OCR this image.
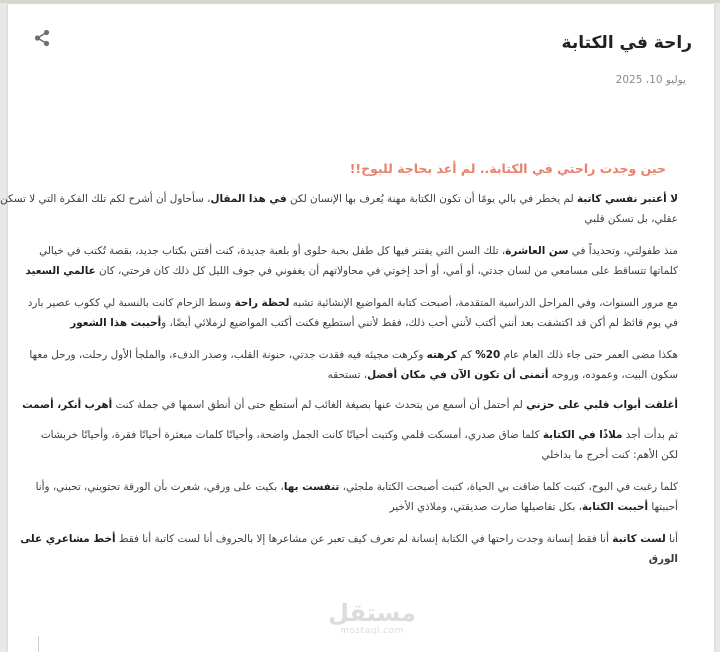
راحة في الكتابة
يوليو 10، 2025
حين وجدت راحتي في الكتابة.. لم أعد بحاجة للبوح!!

لا أعتبر نفسي كاتبة لم يخطر في بالي يومًا أن تكون الكتابة مهنة يُعرف بها الإنسان لكن في هذا المقال، سأحاول أن أشرح لكم تلك الفكرة التي لا تسكن
عقلي، بل تسكن قلبي

منذ طفولتي، وتحديداً في سن العاشرة، تلك السن التي يفتنر فيها كل طفل بحبة حلوى أو بلعبة جديدة، كنت أفتتن بكتاب جديد، بقصة تُكتب في خيالي
كلماتها تتساقط على مسامعي من لسان جدتي، أو أمي، أو أحد إخوتي في محاولاتهم أن يغفوني في جوف الليل كل ذلك كان فرحتي، كان عالمي السعيد

مع مرور السنوات، وفي المراحل الدراسية المتقدمة، أصبحت كتابة المواضيع الإنشائية تشبه لحظة راحة وسط الزحام كانت بالنسبة لي ككوب عصير بارد
في يوم قائظ لم أكن قد اكتشفت بعد أنني أكتب لأنني أحب ذلك، فقط لأنني أستطيع فكنت أكتب المواضيع لزملائي أيضًا، وأحببت هذا الشعور

هكذا مضى العمر حتى جاء ذلك العام عام 20% كم كرهته وكرهت مجيئه فيه فقدت جدتي، حنونة القلب، وصدر الدفء، والملجأ الأول رحلت، ورحل معها
سكون البيت، وعموده، وروحه أتمنى أن تكون الآن في مكان أفضل، تستحقه

أغلقت أبواب قلبي على حزني لم أحتمل أن أسمع من يتحدث عنها بصيغة الغائب لم أستطع حتى أن أنطق اسمها في جملة كنت أهرب أنكر، أصمت

ثم بدأت أجد ملاذًا في الكتابة كلما ضاق صدري، أمسكت قلمي وكتبت أحيانًا كانت الجمل واضحة، وأحيانًا كلمات مبعثرة أحيانًا فقرة، وأحيانًا خربشات
لكن الأهم: كنت أخرج ما بداخلي

كلما رغبت في البوح، كتبت كلما ضاقت بي الحياة، كتبت أصبحت الكتابة ملجئي، تنفست بها، بكيت على ورقي، شعرت بأن الورقة تحتويني، تحبني، وأنا
أحببتها أحببت الكتابة، بكل تفاصيلها صارت صديقتي، وملاذي الأخير

أنا لست كاتبة أنا فقط إنسانة وجدت راحتها في الكتابة إنسانة لم تعرف كيف تعبر عن مشاعرها إلا بالحروف أنا لست كاتبة أنا فقط أخط مشاعري على
الورق

مستقل
mostaql.com
